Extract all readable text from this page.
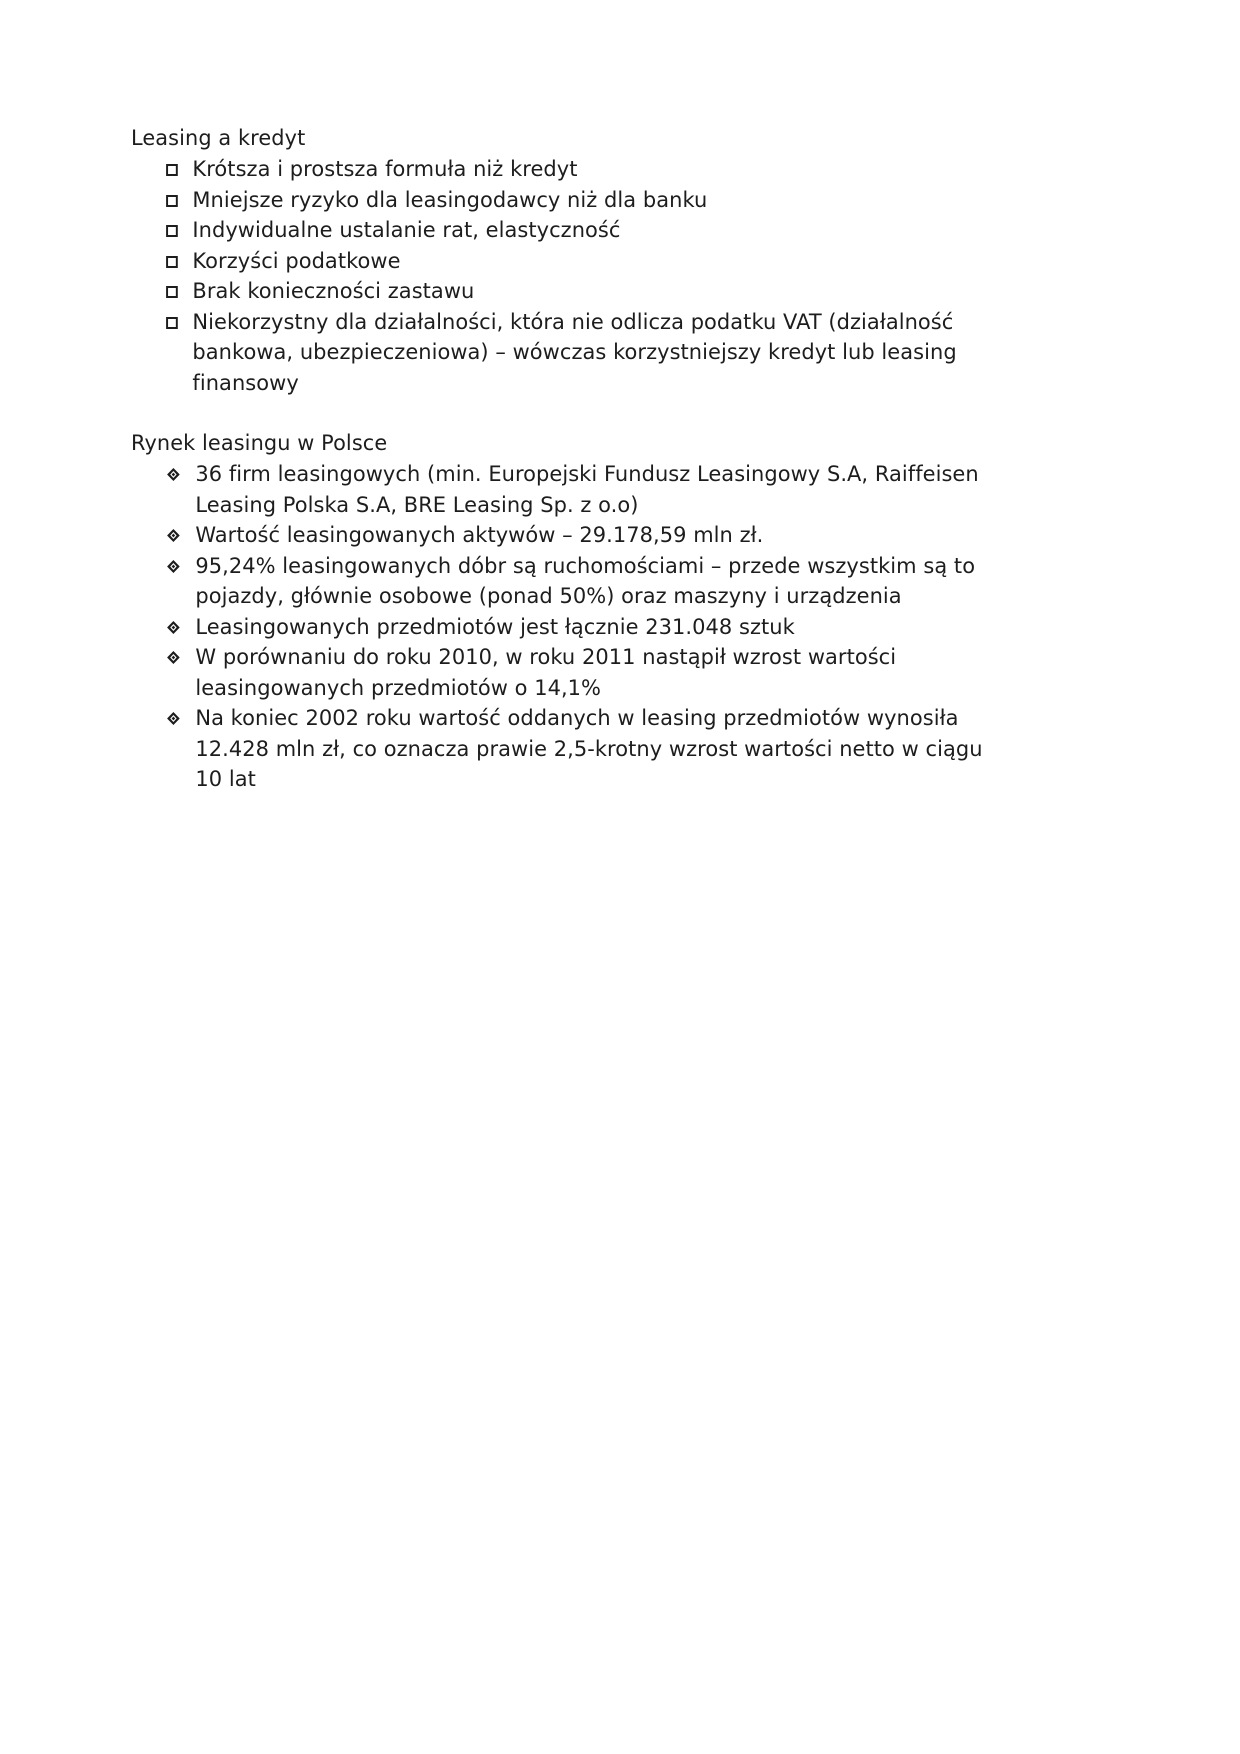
Leasing a kredyt

Krótsza i prostsza formuła niż kredyt
Mniejsze ryzyko dla leasingodawcy niż dla banku
Indywidualne ustalanie rat, elastyczność
Korzyści podatkowe
Brak konieczności zastawu
Niekorzystny dla działalności, która nie odlicza podatku VAT (działalność bankowa, ubezpieczeniowa) – wówczas korzystniejszy kredyt lub leasing finansowy

Rynek leasingu w Polsce

36 firm leasingowych (min. Europejski Fundusz Leasingowy S.A, Raiffeisen Leasing Polska S.A, BRE Leasing Sp. z o.o)
Wartość leasingowanych aktywów – 29.178,59 mln zł.
95,24% leasingowanych dóbr są ruchomościami – przede wszystkim są to pojazdy, głównie osobowe (ponad 50%) oraz maszyny i urządzenia
Leasingowanych przedmiotów jest łącznie 231.048 sztuk
W porównaniu do roku 2010, w roku 2011 nastąpił wzrost wartości leasingowanych przedmiotów o 14,1%
Na koniec 2002 roku wartość oddanych w leasing przedmiotów wynosiła 12.428 mln zł, co oznacza prawie 2,5-krotny wzrost wartości netto w ciągu 10 lat
